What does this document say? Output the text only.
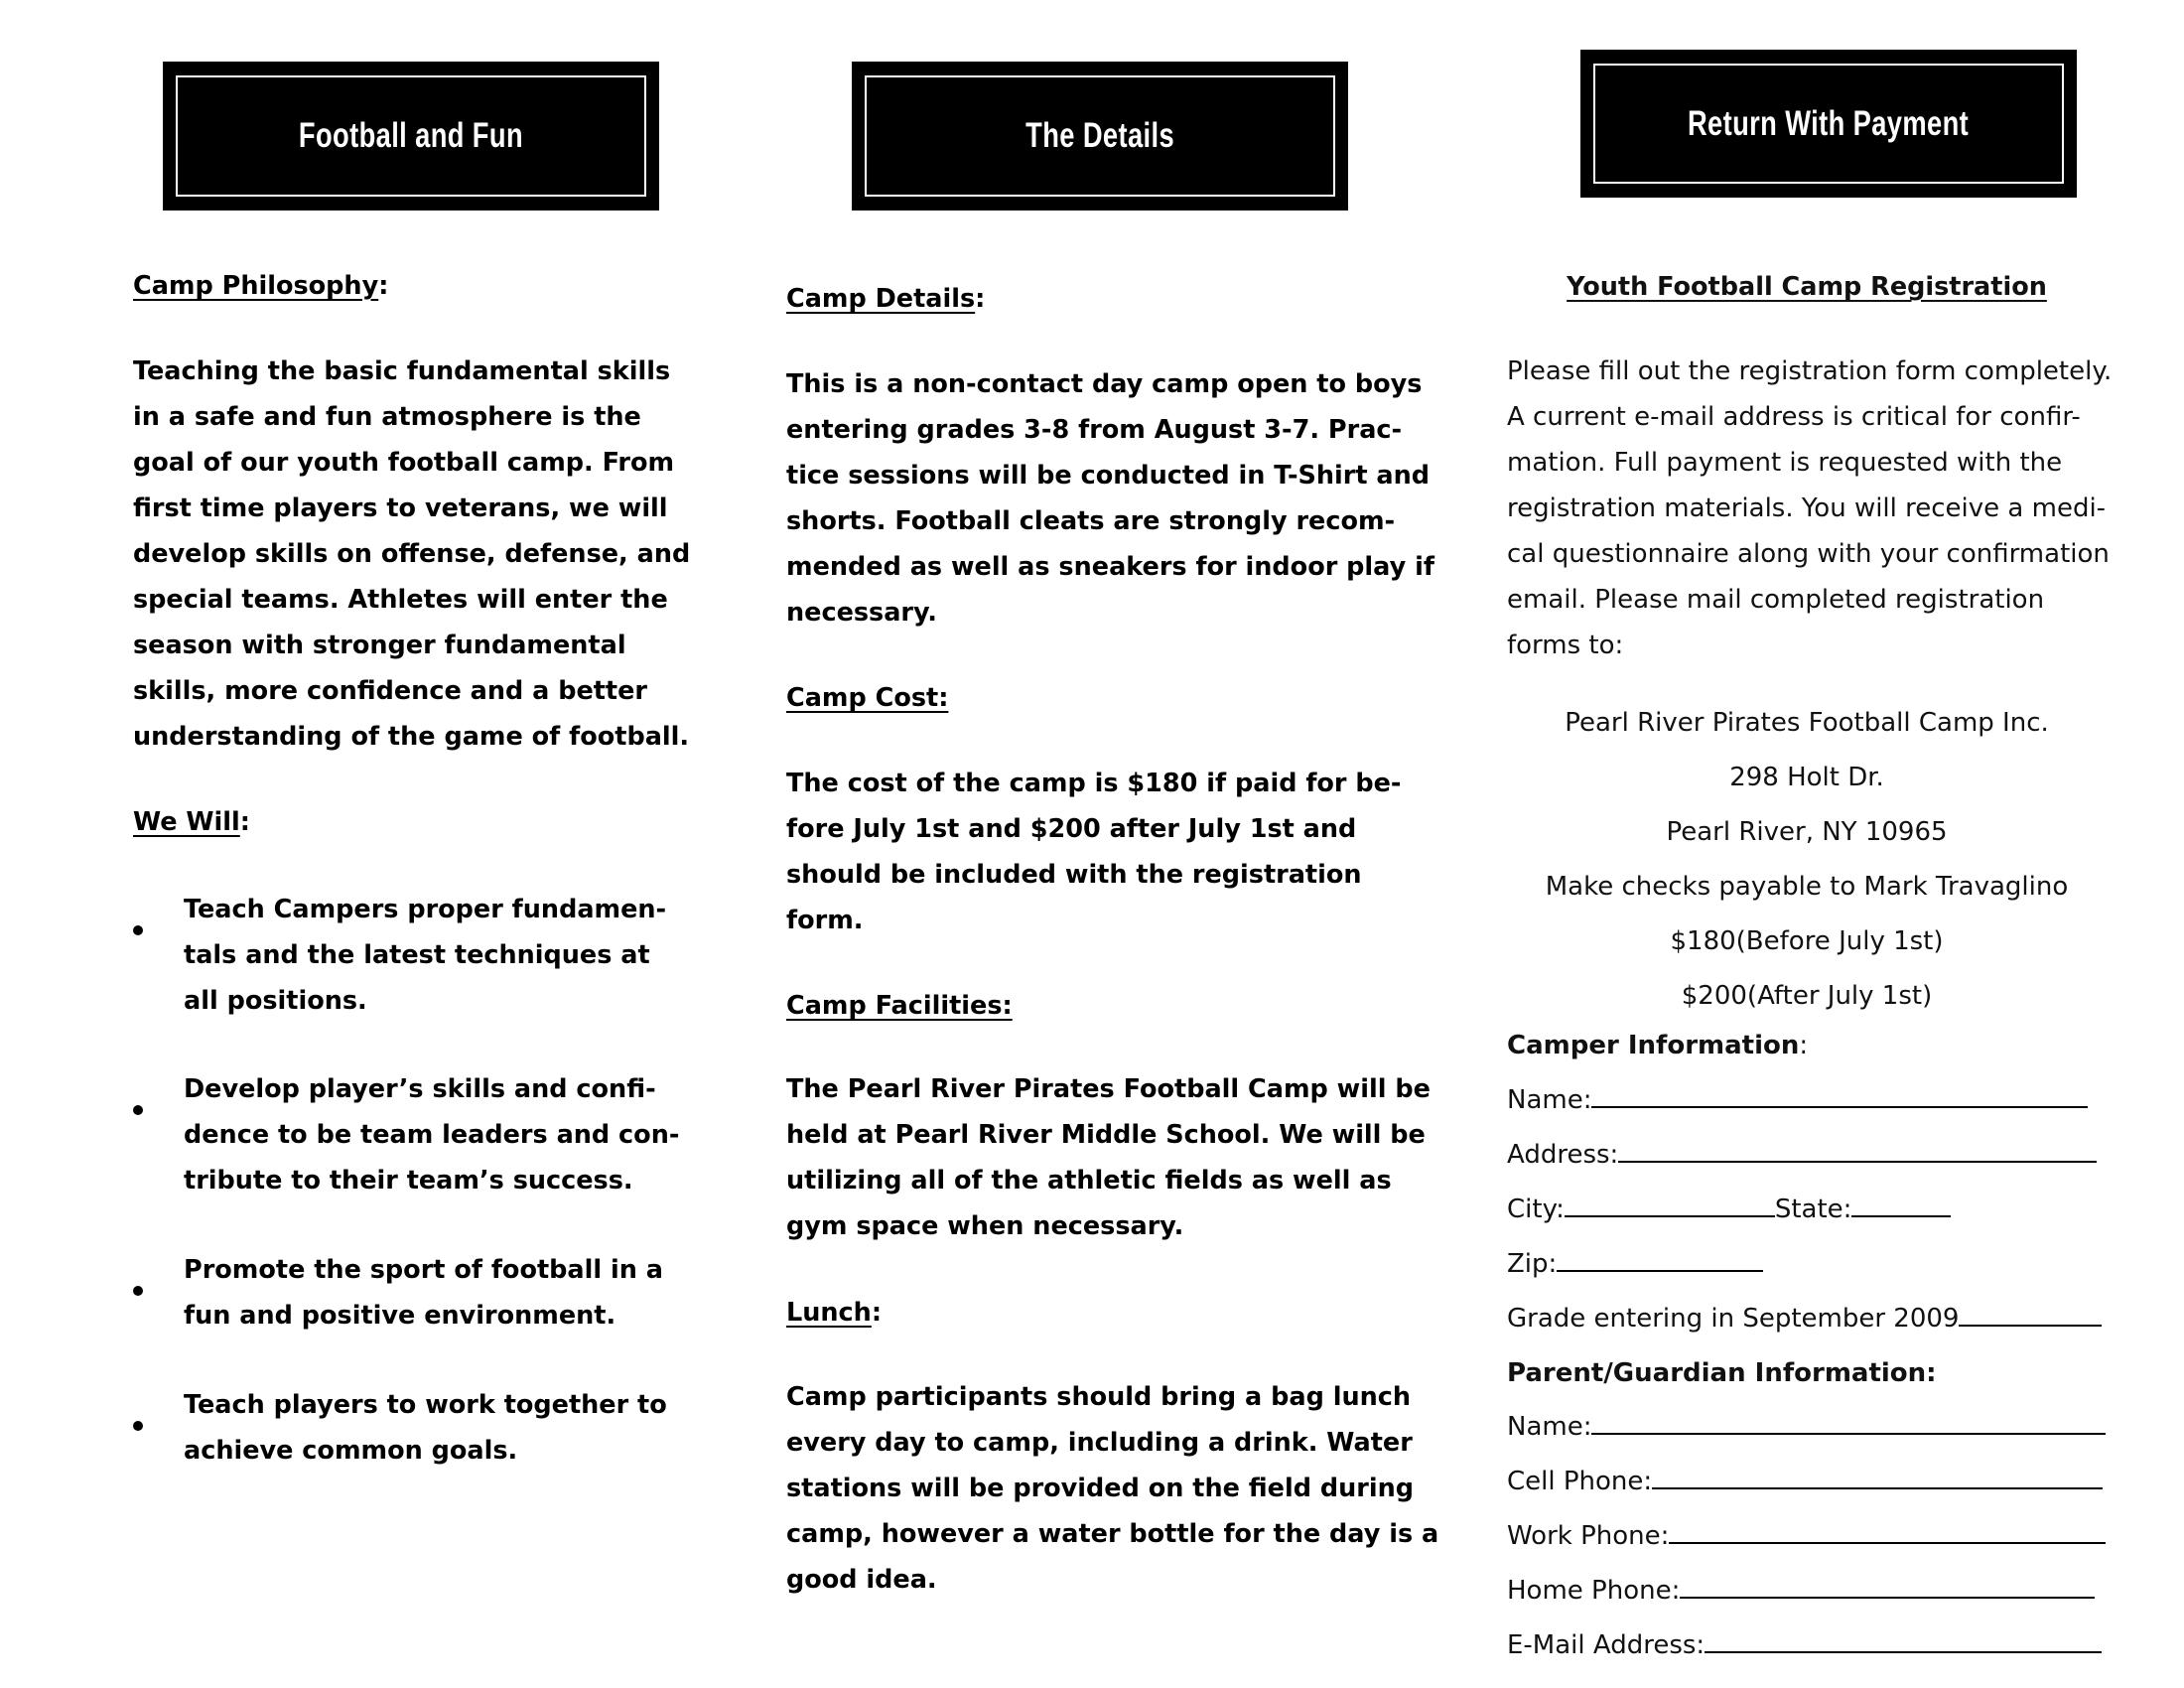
Football and Fun	The Details	Return With Payment
Camp Philosophy:
Teaching the basic fundamental skills
in a safe and fun atmosphere is the
goal of our youth football camp. From
first time players to veterans, we will
develop skills on offense, defense, and
special teams. Athletes will enter the
season with stronger fundamental
skills, more confidence and a better
understanding of the game of football.
We Will:
Teach Campers proper fundamen-
tals and the latest techniques at
all positions.
Develop player’s skills and confi-
dence to be team leaders and con-
tribute to their team’s success.
Promote the sport of football in a
fun and positive environment.
Teach players to work together to
achieve common goals.
Camp Details:
This is a non-contact day camp open to boys
entering grades 3-8 from August 3-7. Prac-
tice sessions will be conducted in T-Shirt and
shorts. Football cleats are strongly recom-
mended as well as sneakers for indoor play if
necessary.
Camp Cost:
The cost of the camp is $180 if paid for be-
fore July 1st and $200 after July 1st and
should be included with the registration
form.
Camp Facilities:
The Pearl River Pirates Football Camp will be
held at Pearl River Middle School. We will be
utilizing all of the athletic fields as well as
gym space when necessary.
Lunch:
Camp participants should bring a bag lunch
every day to camp, including a drink. Water
stations will be provided on the field during
camp, however a water bottle for the day is a
good idea.
Youth Football Camp Registration
Please fill out the registration form completely.
A current e-mail address is critical for confir-
mation. Full payment is requested with the
registration materials. You will receive a medi-
cal questionnaire along with your confirmation
email. Please mail completed registration
forms to:
Pearl River Pirates Football Camp Inc.
298 Holt Dr.
Pearl River, NY 10965
Make checks payable to Mark Travaglino
$180(Before July 1st)
$200(After July 1st)
Camper Information:
Name:
Address:
City:	State:
Zip:
Grade entering in September 2009
Parent/Guardian Information:
Name:
Cell Phone:
Work Phone:
Home Phone:
E-Mail Address:
